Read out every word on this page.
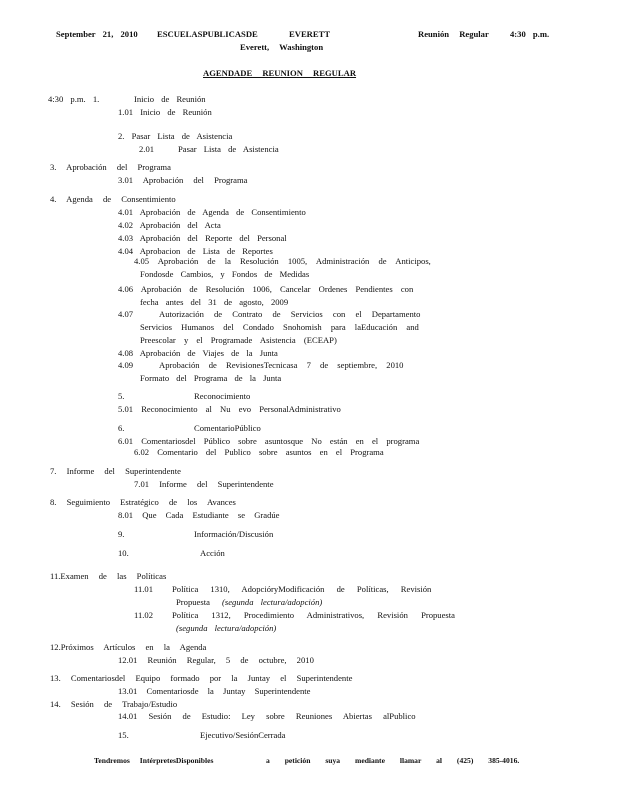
September 21, 2010 ESCUELASPUBLICASDE	EVERETT	Reunión Regular 4:30 p.m.
Everett, Washington
AGENDADE REUNION REGULAR
4:30 p.m. 1.	Inicio de Reunión
1.01 Inicio de Reunión
2. Pasar Lista de Asistencia
2.01	Pasar Lista de Asistencia
3. Aprobación del Programa
3.01 Aprobación del Programa
4. Agenda de Consentimiento
4.01 Aprobación de Agenda de Consentimiento
4.02 Aprobación del Acta
4.03 Aprobación del Reporte del Personal
4.04 Aprobacion de Lista de Reportes
4.05 Aprobación de la Resolución 1005, Administración de Anticipos,
Fondosde Cambios, y Fondos de Medidas
4.06 Aprobación de Resolución 1006, Cancelar Ordenes Pendientes con
fecha antes del 31 de agosto, 2009
4.07	Autorización de Contrato de Servicios con el Departamento
Servicios Humanos del Condado Snohomish para laEducación and
Preescolar y el Programade Asistencia (ECEAP)
4.08 Aprobación de Viajes de la Junta
4.09	Aprobación de RevisionesTecnicasa 7 de septiembre, 2010
Formato del Programa de la Junta
5.	Reconocimiento
5.01 Reconocimiento al Nu evo PersonalAdministrativo
6.	ComentarioPúblico
6.01 Comentariosdel Público sobre asuntosque No están en el programa
6.02 Comentario del Publico sobre asuntos en el Programa
7. Informe del Superintendente
7.01 Informe del Superintendente
8. Seguimiento Estratégico de los Avances
8.01 Que Cada Estudiante se Gradúe
9.	Información/Discusión
10.	Acción
11.Examen de las Políticas
11.01 Política 1310, AdopcióryModificación de Políticas, Revisión
Propuesta (segunda lectura/adopción)
11.02 Política 1312, Procedimiento Administrativos, Revisión Propuesta
(segunda lectura/adopción)
12.Próximos Artículos en la Agenda
12.01 Reunión Regular, 5 de octubre, 2010
13. Comentariosdel Equipo formado por la Juntay el Superintendente
13.01 Comentariosde la Juntay Superintendente
14. Sesión de Trabajo/Estudio
14.01 Sesión de Estudio: Ley sobre Reuniones Abiertas alPublico
15.	Ejecutivo/SesiónCerrada
Tendremos IntérpretesDisponibles	a petición suya mediante llamar al (425) 385-4016.
